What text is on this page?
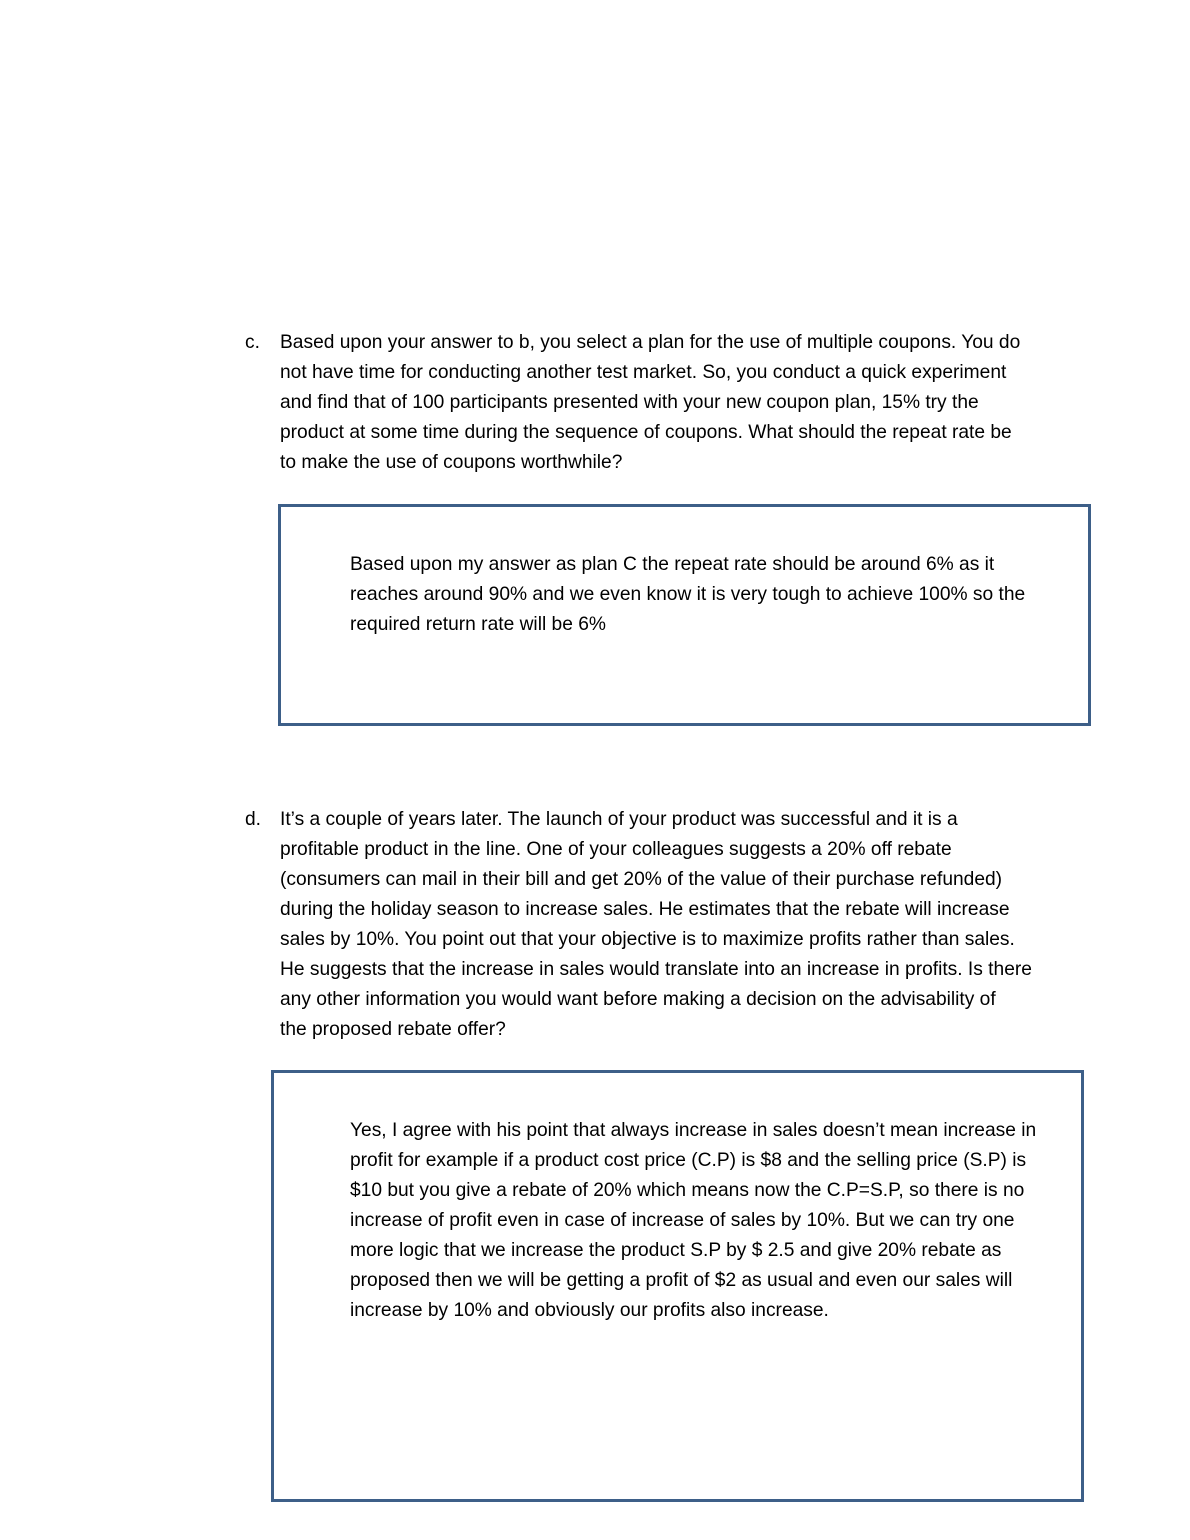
c.	Based upon your answer to b, you select a plan for the use of multiple coupons. You do
not have time for conducting another test market. So, you conduct a quick experiment
and find that of 100 participants presented with your new coupon plan, 15% try the
product at some time during the sequence of coupons. What should the repeat rate be
to make the use of coupons worthwhile?
Based upon my answer as plan C the repeat rate should be around 6% as it
reaches around 90% and we even know it is very tough to achieve 100% so the
required return rate will be 6%
d. It’s a couple of years later. The launch of your product was successful and it is a
profitable product in the line. One of your colleagues suggests a 20% off rebate
(consumers can mail in their bill and get 20% of the value of their purchase refunded)
during the holiday season to increase sales. He estimates that the rebate will increase
sales by 10%. You point out that your objective is to maximize profits rather than sales.
He suggests that the increase in sales would translate into an increase in profits. Is there
any other information you would want before making a decision on the advisability of
the proposed rebate offer?
Yes, I agree with his point that always increase in sales doesn’t mean increase in
profit for example if a product cost price (C.P) is $8 and the selling price (S.P) is
$10 but you give a rebate of 20% which means now the C.P=S.P, so there is no
increase of profit even in case of increase of sales by 10%. But we can try one
more logic that we increase the product S.P by $ 2.5 and give 20% rebate as
proposed then we will be getting a profit of $2 as usual and even our sales will
increase by 10% and obviously our profits also increase.
